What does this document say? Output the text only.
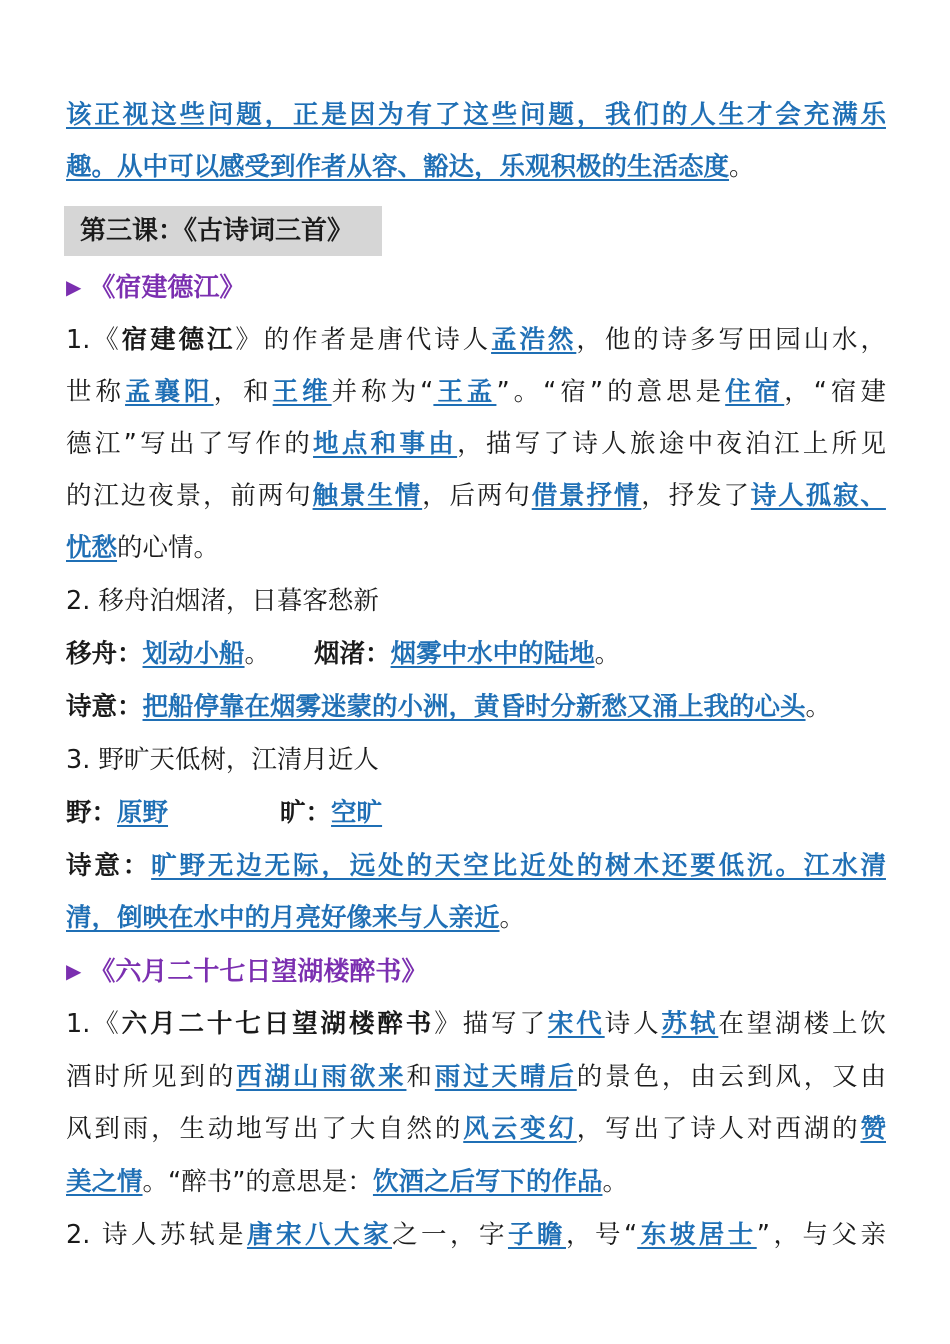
该正视这些问题，正是因为有了这些问题，我们的人生才会充满乐
趣。从中可以感受到作者从容、豁达，乐观积极的生活态度。
第三课：《古诗词三首》
▶ 《宿建德江》
1.《宿建德江》的作者是唐代诗人孟浩然，他的诗多写田园山水，
世称孟襄阳，和王维并称为“王孟”。“宿”的意思是住宿，“宿建
德江”写出了写作的地点和事由，描写了诗人旅途中夜泊江上所见
的江边夜景，前两句触景生情，后两句借景抒情，抒发了诗人孤寂、
忧愁的心情。
2. 移舟泊烟渚，日暮客愁新
移舟：划动小船。 烟渚：烟雾中水中的陆地。
诗意：把船停靠在烟雾迷蒙的小洲，黄昏时分新愁又涌上我的心头。
3. 野旷天低树，江清月近人
野：原野	旷：空旷
诗意：旷野无边无际，远处的天空比近处的树木还要低沉。江水清
清，倒映在水中的月亮好像来与人亲近。
▶ 《六月二十七日望湖楼醉书》
1.《六月二十七日望湖楼醉书》描写了宋代诗人苏轼在望湖楼上饮
酒时所见到的西湖山雨欲来和雨过天晴后的景色，由云到风，又由
风到雨，生动地写出了大自然的风云变幻，写出了诗人对西湖的赞
美之情。“醉书”的意思是：饮酒之后写下的作品。
2. 诗人苏轼是唐宋八大家之一，字子瞻，号“东坡居士”，与父亲
